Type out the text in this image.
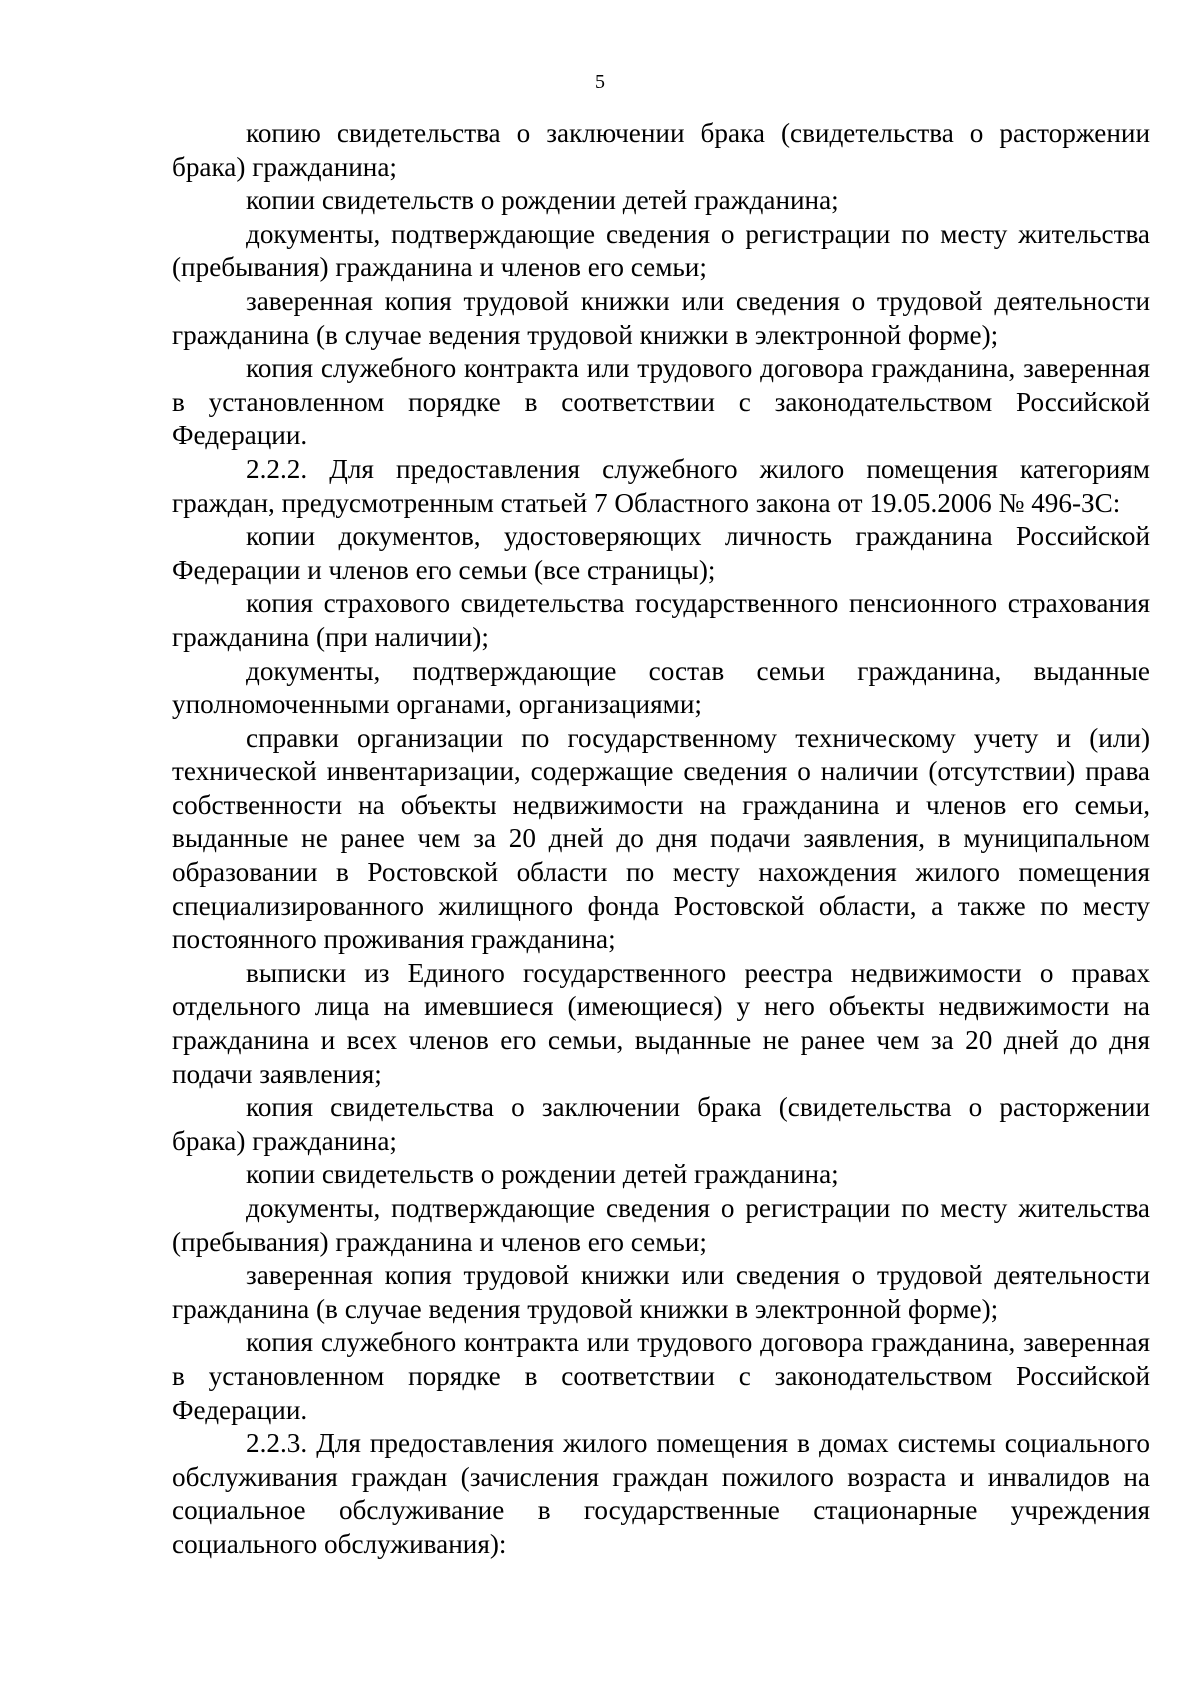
5

копию свидетельства о заключении брака (свидетельства о расторжении брака) гражданина;

копии свидетельств о рождении детей гражданина;

документы, подтверждающие сведения о регистрации по месту жительства (пребывания) гражданина и членов его семьи;

заверенная копия трудовой книжки или сведения о трудовой деятельности гражданина (в случае ведения трудовой книжки в электронной форме);

копия служебного контракта или трудового договора гражданина, заверенная в установленном порядке в соответствии с законодательством Российской Федерации.

2.2.2. Для предоставления служебного жилого помещения категориям граждан, предусмотренным статьей 7 Областного закона от 19.05.2006 № 496-ЗС:

копии документов, удостоверяющих личность гражданина Российской Федерации и членов его семьи (все страницы);

копия страхового свидетельства государственного пенсионного страхования гражданина (при наличии);

документы, подтверждающие состав семьи гражданина, выданные уполномоченными органами, организациями;

справки организации по государственному техническому учету и (или) технической инвентаризации, содержащие сведения о наличии (отсутствии) права собственности на объекты недвижимости на гражданина и членов его семьи, выданные не ранее чем за 20 дней до дня подачи заявления, в муниципальном образовании в Ростовской области по месту нахождения жилого помещения специализированного жилищного фонда Ростовской области, а также по месту постоянного проживания гражданина;

выписки из Единого государственного реестра недвижимости о правах отдельного лица на имевшиеся (имеющиеся) у него объекты недвижимости на гражданина и всех членов его семьи, выданные не ранее чем за 20 дней до дня подачи заявления;

копия свидетельства о заключении брака (свидетельства о расторжении брака) гражданина;

копии свидетельств о рождении детей гражданина;

документы, подтверждающие сведения о регистрации по месту жительства (пребывания) гражданина и членов его семьи;

заверенная копия трудовой книжки или сведения о трудовой деятельности гражданина (в случае ведения трудовой книжки в электронной форме);

копия служебного контракта или трудового договора гражданина, заверенная в установленном порядке в соответствии с законодательством Российской Федерации.

2.2.3. Для предоставления жилого помещения в домах системы социального обслуживания граждан (зачисления граждан пожилого возраста и инвалидов на социальное обслуживание в государственные стационарные учреждения социального обслуживания):
